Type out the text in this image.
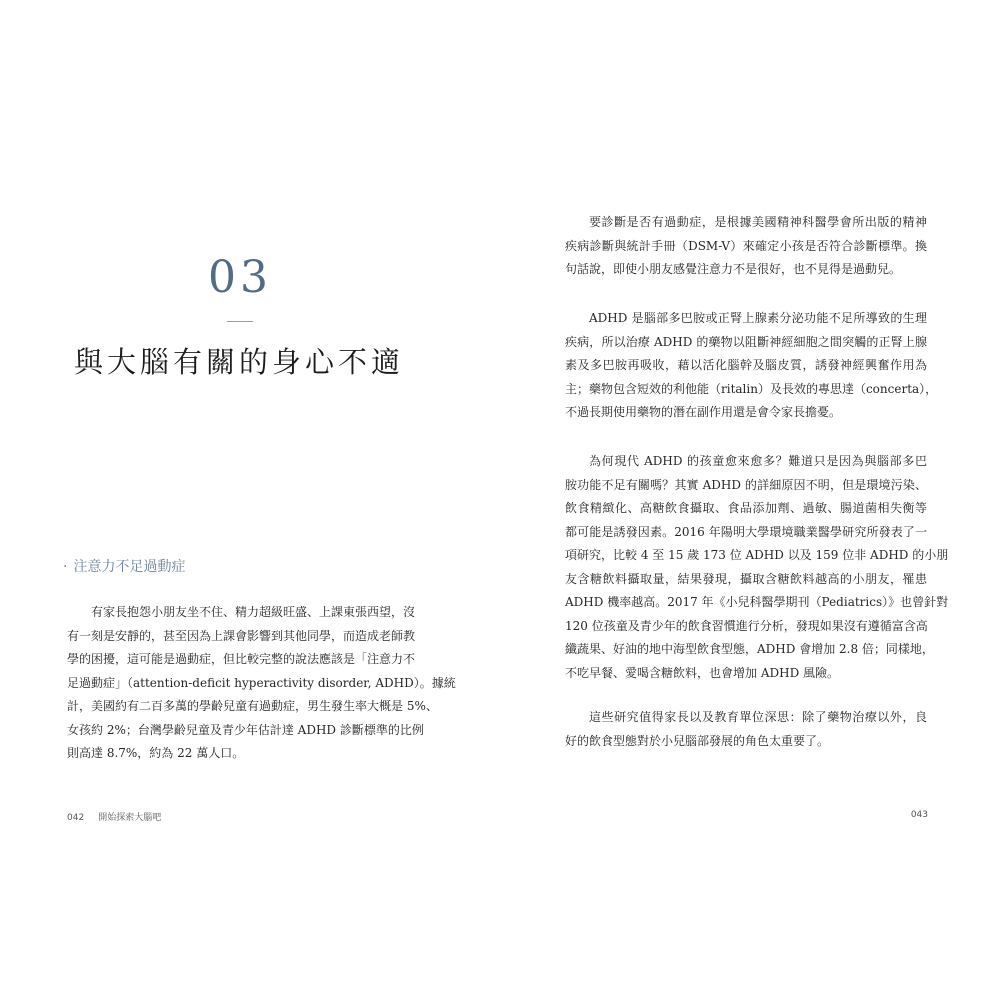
03
與大腦有關的身心不適
· 注意力不足過動症
有家長抱怨小朋友坐不住、精力超級旺盛、上課東張西望，沒
有一刻是安靜的，甚至因為上課會影響到其他同學，而造成老師教
學的困擾，這可能是過動症，但比較完整的說法應該是「注意力不
足過動症」（attention-deficit hyperactivity disorder, ADHD）。據統
計，美國約有二百多萬的學齡兒童有過動症，男生發生率大概是 5%、
女孩約 2%；台灣學齡兒童及青少年估計達 ADHD 診斷標準的比例
則高達 8.7%，約為 22 萬人口。
042 開始探索大腦吧
要診斷是否有過動症，是根據美國精神科醫學會所出版的精神
疾病診斷與統計手冊（DSM-V）來確定小孩是否符合診斷標準。換
句話說，即使小朋友感覺注意力不是很好，也不見得是過動兒。
ADHD 是腦部多巴胺或正腎上腺素分泌功能不足所導致的生理
疾病，所以治療 ADHD 的藥物以阻斷神經細胞之間突觸的正腎上腺
素及多巴胺再吸收，藉以活化腦幹及腦皮質，誘發神經興奮作用為
主；藥物包含短效的利他能（ritalin）及長效的專思達（concerta），
不過長期使用藥物的潛在副作用還是會令家長擔憂。
為何現代 ADHD 的孩童愈來愈多？難道只是因為與腦部多巴
胺功能不足有關嗎？其實 ADHD 的詳細原因不明，但是環境污染、
飲食精緻化、高糖飲食攝取、食品添加劑、過敏、腸道菌相失衡等
都可能是誘發因素。2016 年陽明大學環境職業醫學研究所發表了一
項研究，比較 4 至 15 歲 173 位 ADHD 以及 159 位非 ADHD 的小朋
友含糖飲料攝取量，結果發現，攝取含糖飲料越高的小朋友，罹患
ADHD 機率越高。2017 年《小兒科醫學期刊（Pediatrics）》也曾針對
120 位孩童及青少年的飲食習慣進行分析，發現如果沒有遵循富含高
纖蔬果、好油的地中海型飲食型態，ADHD 會增加 2.8 倍；同樣地，
不吃早餐、愛喝含糖飲料，也會增加 ADHD 風險。
這些研究值得家長以及教育單位深思：除了藥物治療以外，良
好的飲食型態對於小兒腦部發展的角色太重要了。
043
